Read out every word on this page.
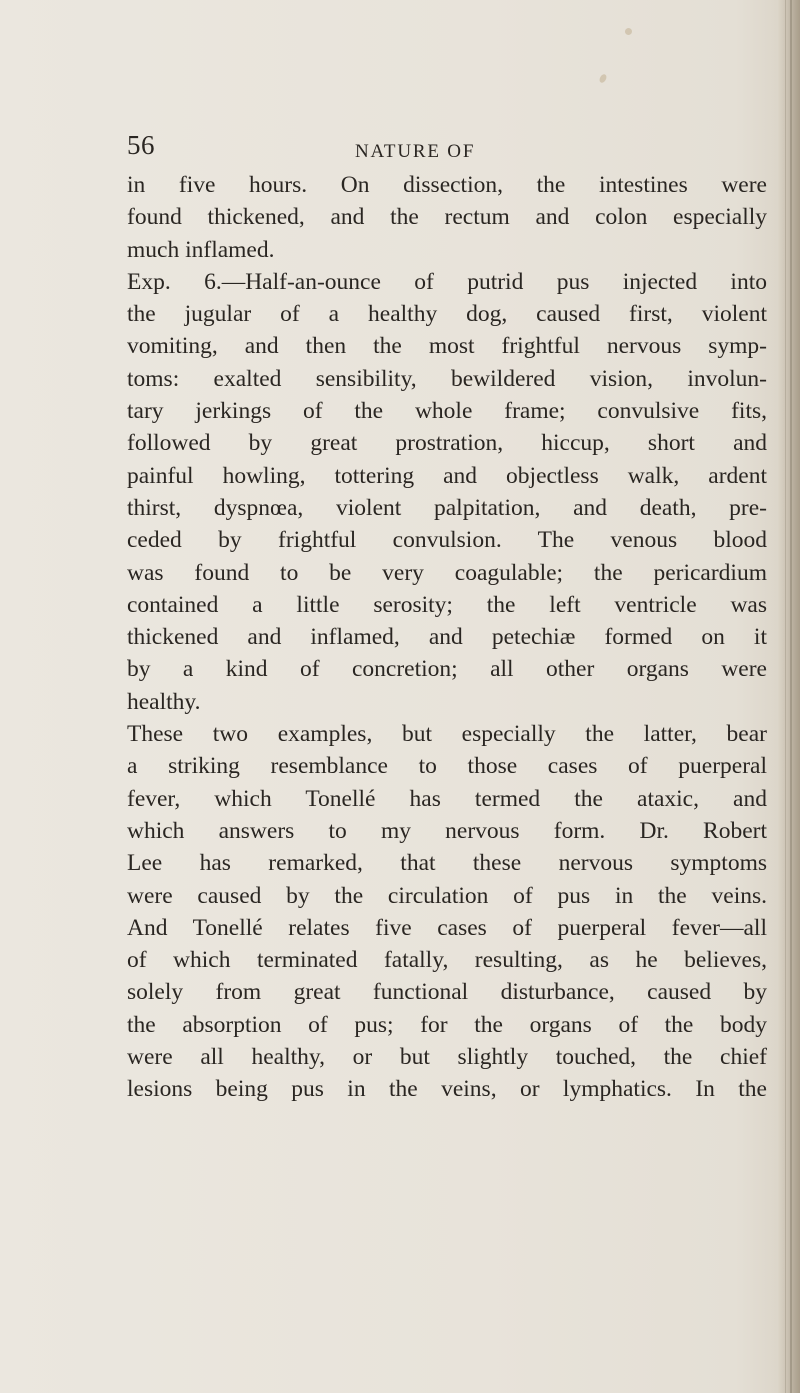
56	NATURE OF
in five hours. On dissection, the intestines were
found thickened, and the rectum and colon especially
much inflamed.
Exp. 6.—Half-an-ounce of putrid pus injected into
the jugular of a healthy dog, caused first, violent
vomiting, and then the most frightful nervous symp-
toms: exalted sensibility, bewildered vision, involun-
tary jerkings of the whole frame; convulsive fits,
followed by great prostration, hiccup, short and
painful howling, tottering and objectless walk, ardent
thirst, dyspnœa, violent palpitation, and death, pre-
ceded by frightful convulsion. The venous blood
was found to be very coagulable; the pericardium
contained a little serosity; the left ventricle was
thickened and inflamed, and petechiæ formed on it
by a kind of concretion; all other organs were
healthy.
These two examples, but especially the latter, bear
a striking resemblance to those cases of puerperal
fever, which Tonellé has termed the ataxic, and
which answers to my nervous form. Dr. Robert
Lee has remarked, that these nervous symptoms
were caused by the circulation of pus in the veins.
And Tonellé relates five cases of puerperal fever—all
of which terminated fatally, resulting, as he believes,
solely from great functional disturbance, caused by
the absorption of pus; for the organs of the body
were all healthy, or but slightly touched, the chief
lesions being pus in the veins, or lymphatics. In the
